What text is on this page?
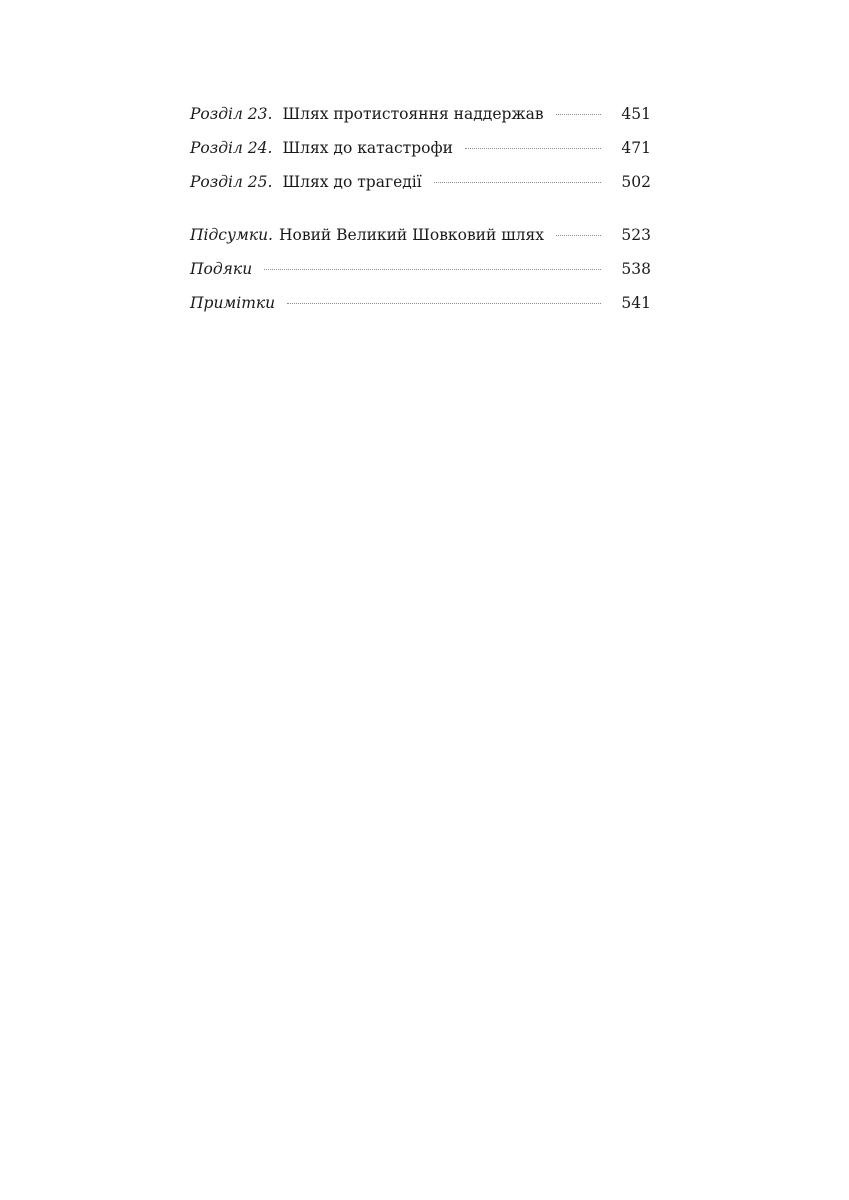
Розділ 23. Шлях протистояння наддержав	451
Розділ 24. Шлях до катастрофи	471
Розділ 25. Шлях до трагедії	502
Підсумки. Новий Великий Шовковий шлях	523
Подяки	538
Примітки	541
